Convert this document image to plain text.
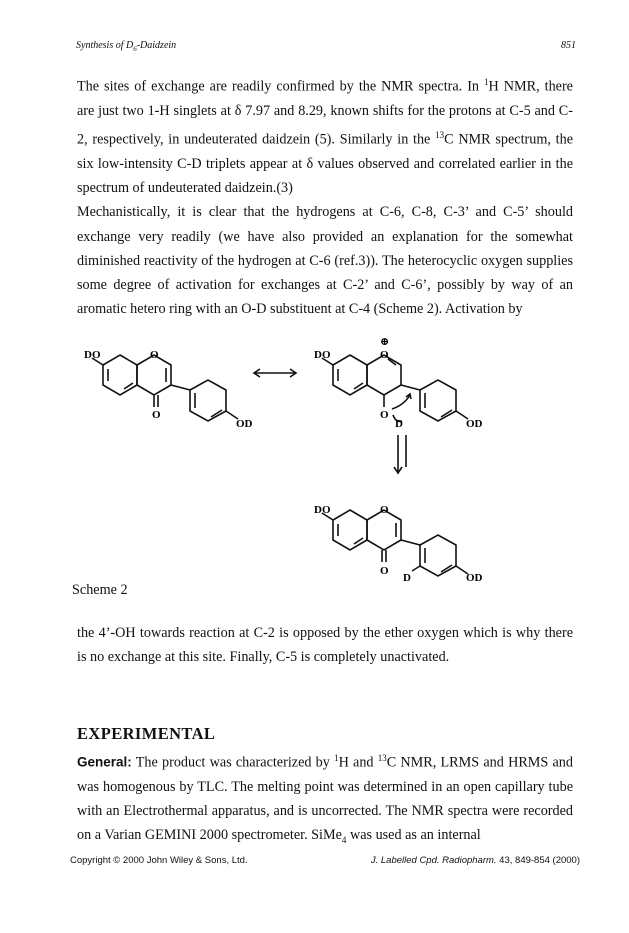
Synthesis of $D_6$-Daidzein	851

The sites of exchange are readily confirmed by the NMR spectra. In $^1$H NMR, there are just two 1-H singlets at δ 7.97 and 8.29, known shifts for the protons at C-5 and C-2, respectively, in undeuterated daidzein (5). Similarly in the $^{13}$C NMR spectrum, the six low-intensity C-D triplets appear at δ values observed and correlated earlier in the spectrum of undeuterated daidzein.(3)

Mechanistically, it is clear that the hydrogens at C-6, C-8, C-3’ and C-5’ should exchange very readily (we have also provided an explanation for the somewhat diminished reactivity of the hydrogen at C-6 (ref.3)). The heterocyclic oxygen supplies some degree of activation for exchanges at C-2’ and C-6’, possibly by way of an aromatic hetero ring with an O-D substituent at C-4 (Scheme 2). Activation by

DO	O
O
OD
⊕
DO	O
O
D	OD
DO	O
O
D	OD
Scheme 2
the 4’-OH towards reaction at C-2 is opposed by the ether oxygen which is why there is no exchange at this site. Finally, C-5 is completely unactivated.
EXPERIMENTAL
General: The product was characterized by $^1$H and $^{13}$C NMR, LRMS and HRMS and was homogenous by TLC. The melting point was determined in an open capillary tube with an Electrothermal apparatus, and is uncorrected. The NMR spectra were recorded on a Varian GEMINI 2000 spectrometer. SiMe$_4$ was used as an internal
Copyright © 2000 John Wiley & Sons, Ltd.	J. Labelled Cpd. Radiopharm. 43, 849-854 (2000)
